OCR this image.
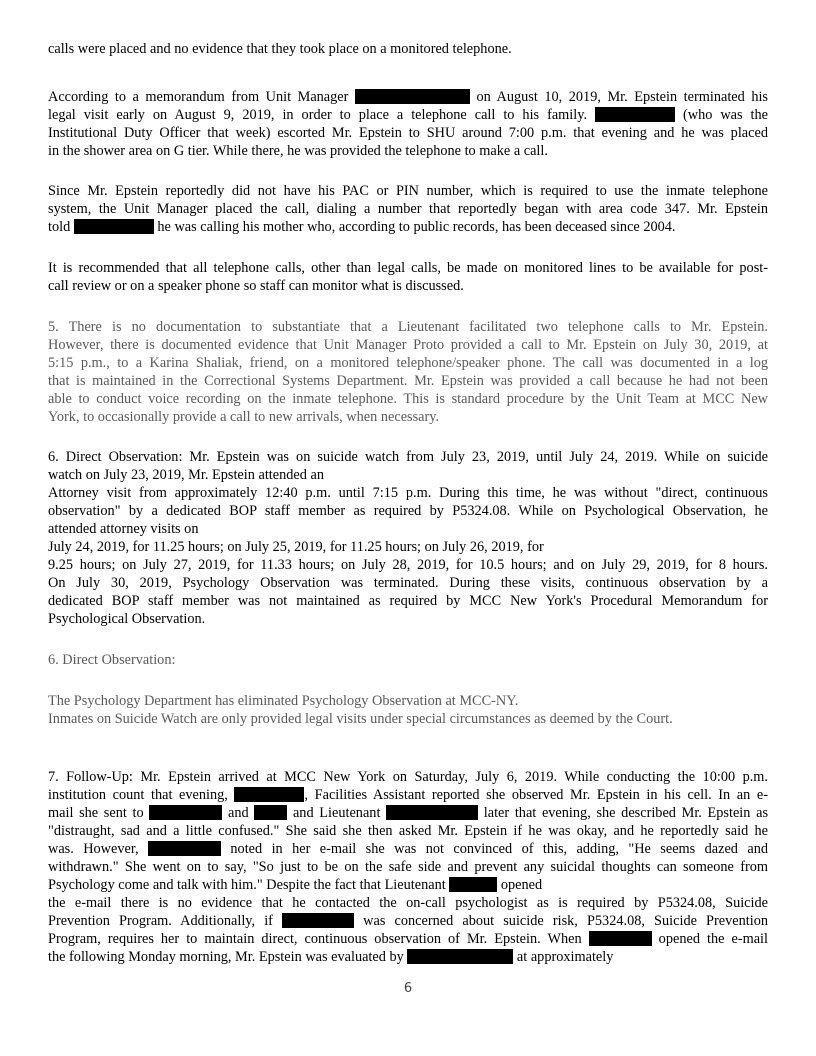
calls were placed and no evidence that they took place on a monitored telephone.
According to a memorandum from Unit Manager	on August 10, 2019, Mr. Epstein terminated his
legal visit early on August 9, 2019, in order to place a telephone call to his family.	(who was the
Institutional Duty Officer that week) escorted Mr. Epstein to SHU around 7:00 p.m. that evening and he was placed
in the shower area on G tier. While there, he was provided the telephone to make a call.
Since Mr. Epstein reportedly did not have his PAC or PIN number, which is required to use the inmate telephone
system, the Unit Manager placed the call, dialing a number that reportedly began with area code 347. Mr. Epstein
told	he was calling his mother who, according to public records, has been deceased since 2004.
It is recommended that all telephone calls, other than legal calls, be made on monitored lines to be available for post-
call review or on a speaker phone so staff can monitor what is discussed.
5. There is no documentation to substantiate that a Lieutenant facilitated two telephone calls to Mr. Epstein.
However, there is documented evidence that Unit Manager Proto provided a call to Mr. Epstein on July 30, 2019, at
5:15 p.m., to a Karina Shaliak, friend, on a monitored telephone/speaker phone. The call was documented in a log
that is maintained in the Correctional Systems Department. Mr. Epstein was provided a call because he had not been
able to conduct voice recording on the inmate telephone. This is standard procedure by the Unit Team at MCC New
York, to occasionally provide a call to new arrivals, when necessary.
6. Direct Observation: Mr. Epstein was on suicide watch from July 23, 2019, until July 24, 2019. While on suicide
watch on July 23, 2019, Mr. Epstein attended an
Attorney visit from approximately 12:40 p.m. until 7:15 p.m. During this time, he was without "direct, continuous
observation" by a dedicated BOP staff member as required by P5324.08. While on Psychological Observation, he
attended attorney visits on
July 24, 2019, for 11.25 hours; on July 25, 2019, for 11.25 hours; on July 26, 2019, for
9.25 hours; on July 27, 2019, for 11.33 hours; on July 28, 2019, for 10.5 hours; and on July 29, 2019, for 8 hours.
On July 30, 2019, Psychology Observation was terminated. During these visits, continuous observation by a
dedicated BOP staff member was not maintained as required by MCC New York's Procedural Memorandum for
Psychological Observation.
6. Direct Observation:
The Psychology Department has eliminated Psychology Observation at MCC-NY.
Inmates on Suicide Watch are only provided legal visits under special circumstances as deemed by the Court.
7. Follow-Up: Mr. Epstein arrived at MCC New York on Saturday, July 6, 2019. While conducting the 10:00 p.m.
institution count that evening,	, Facilities Assistant reported she observed Mr. Epstein in his cell. In an e-
mail she sent to	and  and Lieutenant	later that evening, she described Mr. Epstein as
"distraught, sad and a little confused." She said she then asked Mr. Epstein if he was okay, and he reportedly said he
was. However,	noted in her e-mail she was not convinced of this, adding, "He seems dazed and
withdrawn." She went on to say, "So just to be on the safe side and prevent any suicidal thoughts can someone from
Psychology come and talk with him." Despite the fact that Lieutenant	opened
the e-mail there is no evidence that he contacted the on-call psychologist as is required by P5324.08, Suicide
Prevention Program. Additionally, if	was concerned about suicide risk, P5324.08, Suicide Prevention
Program, requires her to maintain direct, continuous observation of Mr. Epstein. When	opened the e-mail
the following Monday morning, Mr. Epstein was evaluated by	at approximately
6
